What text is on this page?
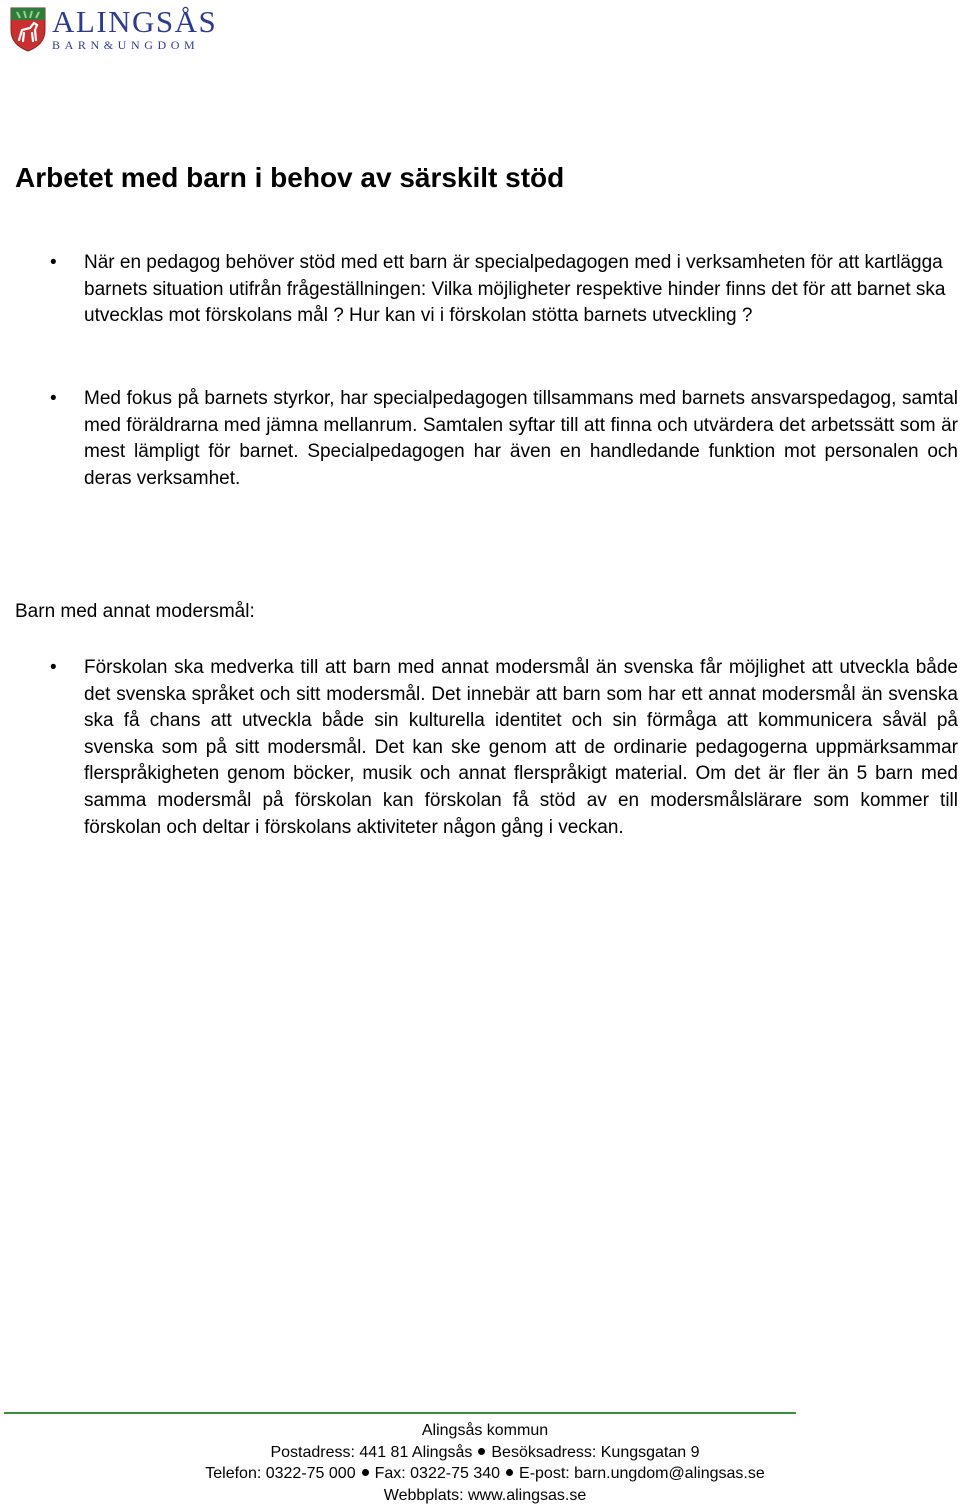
ALINGSÅS
BARN&UNGDOM
Arbetet med barn i behov av särskilt stöd
• När en pedagog behöver stöd med ett barn är specialpedagogen med i verksamheten för att kartlägga barnets situation utifrån frågeställningen: Vilka möjligheter respektive hinder finns det för att barnet ska utvecklas mot förskolans mål ? Hur kan vi i förskolan stötta barnets utveckling ?
• Med fokus på barnets styrkor, har specialpedagogen tillsammans med barnets ansvarspedagog, samtal med föräldrarna med jämna mellanrum. Samtalen syftar till att finna och utvärdera det arbetssätt som är mest lämpligt för barnet. Specialpedagogen har även en handledande funktion mot personalen och deras verksamhet.
Barn med annat modersmål:
• Förskolan ska medverka till att barn med annat modersmål än svenska får möjlighet att utveckla både det svenska språket och sitt modersmål. Det innebär att barn som har ett annat modersmål än svenska ska få chans att utveckla både sin kulturella identitet och sin förmåga att kommunicera såväl på svenska som på sitt modersmål. Det kan ske genom att de ordinarie pedagogerna uppmärksammar flerspråkigheten genom böcker, musik och annat flerspråkigt material. Om det är fler än 5 barn med samma modersmål på förskolan kan förskolan få stöd av en modersmålslärare som kommer till förskolan och deltar i förskolans aktiviteter någon gång i veckan.
Alingsås kommun
Postadress: 441 81 Alingsås Besöksadress: Kungsgatan 9
Telefon: 0322-75 000 Fax: 0322-75 340 E-post: barn.ungdom@alingsas.se
Webbplats: www.alingsas.se
